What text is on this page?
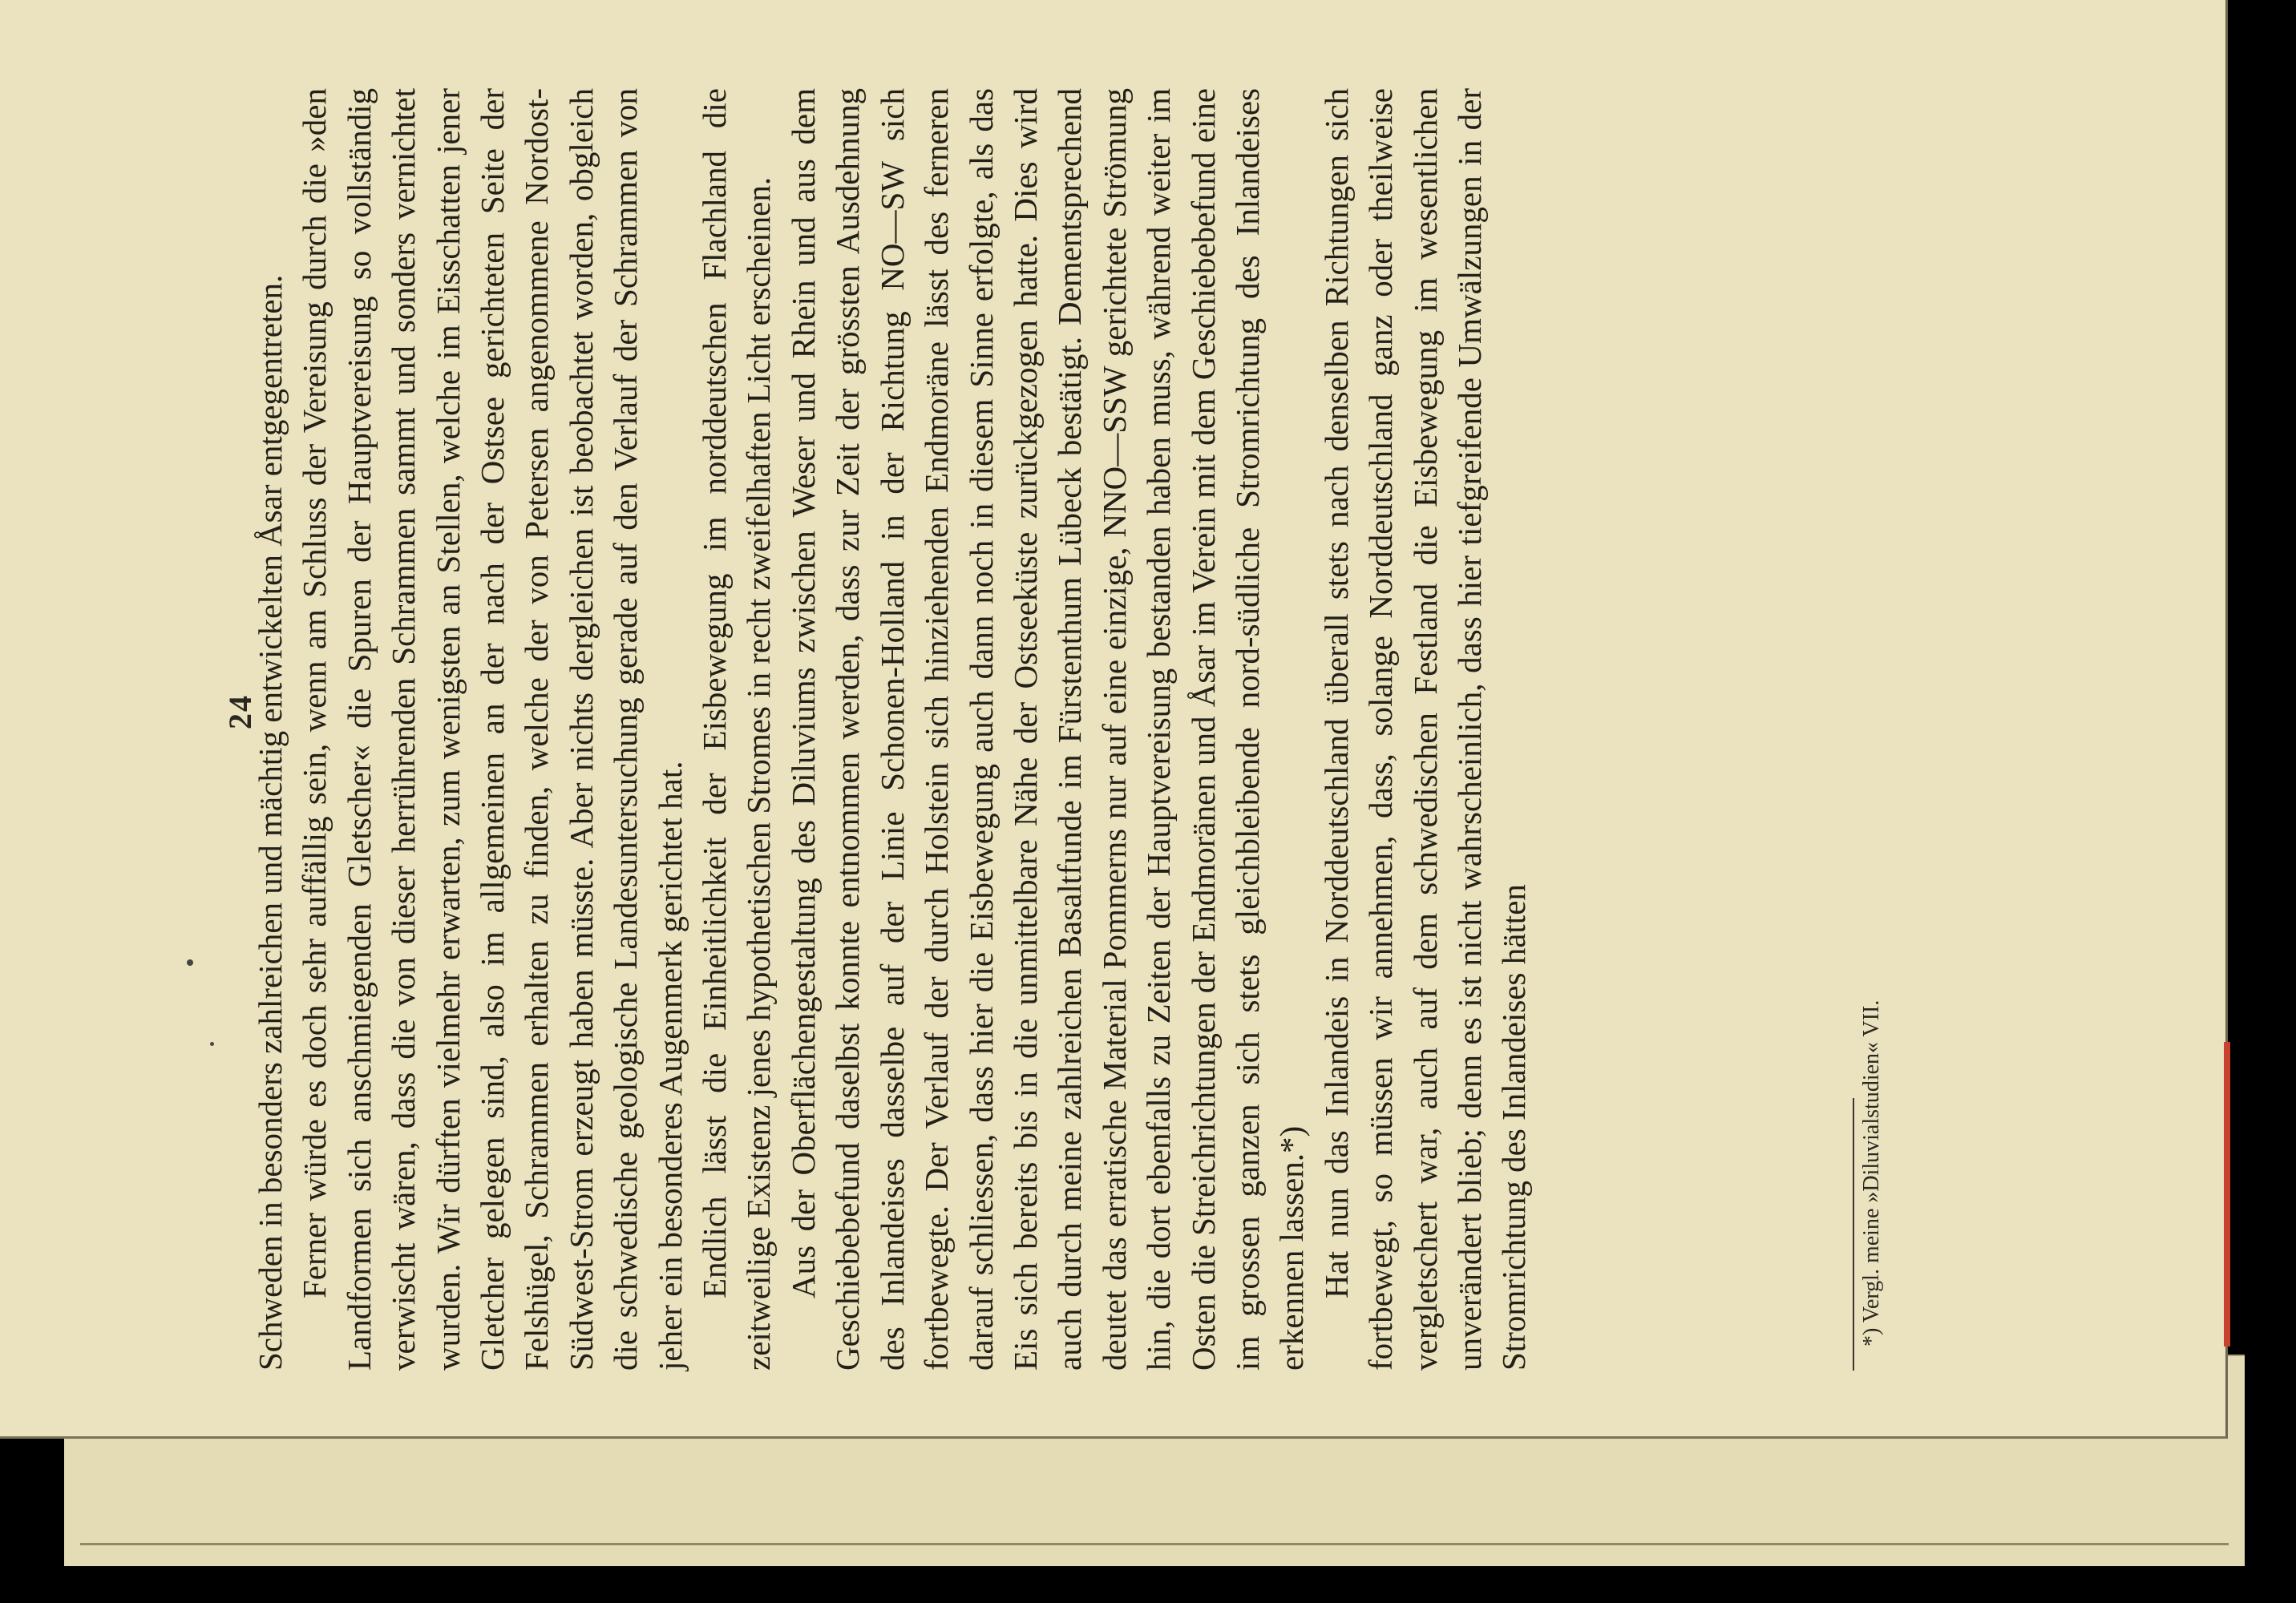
24

Schweden in besonders zahlreichen und mächtig entwickelten Åsar entgegentreten. Ferner würde es doch sehr auffällig sein, wenn am Schluss der Vereisung durch die »den Landformen sich anschmiegenden Gletscher« die Spuren der Hauptvereisung so vollständig verwischt wären, dass die von dieser herrührenden Schrammen sammt und sonders vernichtet wurden. Wir dürften vielmehr erwarten, zum wenigsten an Stellen, welche im Eisschatten jener Gletcher gelegen sind, also im allgemeinen an der nach der Ostsee gerichteten Seite der Felshügel, Schrammen erhalten zu finden, welche der von Petersen angenommene Nordost-Südwest-Strom erzeugt haben müsste. Aber nichts dergleichen ist beobachtet worden, obgleich die schwedische geologische Landesuntersuchung gerade auf den Verlauf der Schrammen von jeher ein besonderes Augenmerk gerichtet hat. Endlich lässt die Einheitlichkeit der Eisbewegung im norddeutschen Flachland die zeitweilige Existenz jenes hypothetischen Stromes in recht zweifelhaften Licht erscheinen. Aus der Oberflächengestaltung des Diluviums zwischen Weser und Rhein und aus dem Geschiebebefund daselbst konnte entnommen werden, dass zur Zeit der grössten Ausdehnung des Inlandeises dasselbe auf der Linie Schonen-Holland in der Richtung NO—SW sich fortbewegte. Der Verlauf der durch Holstein sich hinziehenden Endmoräne lässt des ferneren darauf schliessen, dass hier die Eisbewegung auch dann noch in diesem Sinne erfolgte, als das Eis sich bereits bis in die unmittelbare Nähe der Ostseeküste zurückgezogen hatte. Dies wird auch durch meine zahlreichen Basaltfunde im Fürstenthum Lübeck bestätigt. Dementsprechend deutet das erratische Material Pommerns nur auf eine einzige, NNO—SSW gerichtete Strömung hin, die dort ebenfalls zu Zeiten der Hauptvereisung bestanden haben muss, während weiter im Osten die Streichrichtungen der Endmoränen und Åsar im Verein mit dem Geschiebebefund eine im grossen ganzen sich stets gleichbleibende nord-südliche Stromrichtung des Inlandeises erkennen lassen.*) Hat nun das Inlandeis in Norddeutschland überall stets nach denselben Richtungen sich fortbewegt, so müssen wir annehmen, dass, solange Norddeutschland ganz oder theilweise vergletschert war, auch auf dem schwedischen Festland die Eisbewegung im wesentlichen unverändert blieb; denn es ist nicht wahrscheinlich, dass hier tiefgreifende Umwälzungen in der Stromrichtung des Inlandeises hätten	*) Vergl. meine »Diluvialstudien« VII.
